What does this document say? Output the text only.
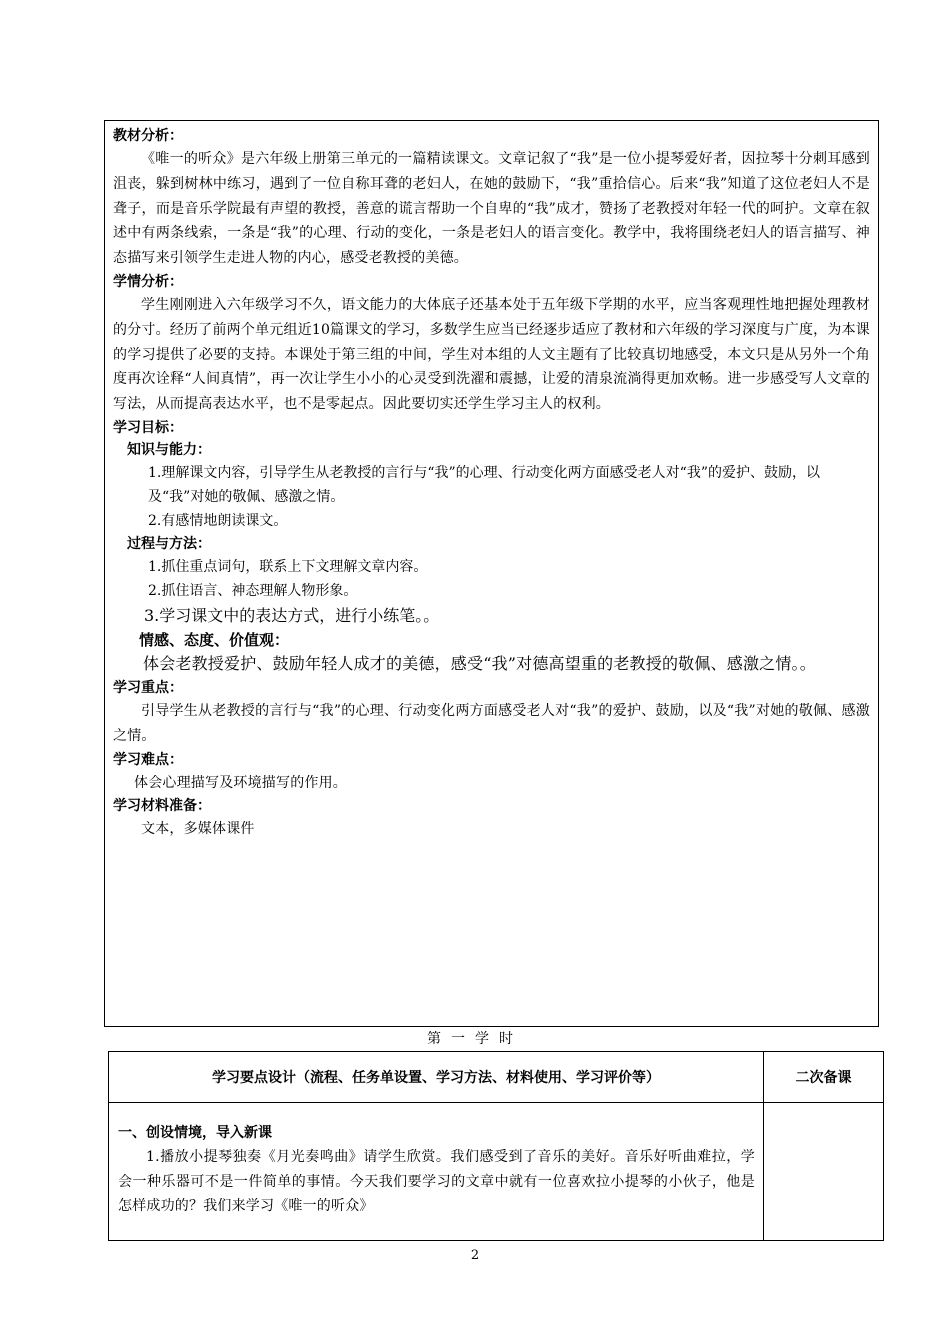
教材分析：
《唯一的听众》是六年级上册第三单元的一篇精读课文。文章记叙了“我”是一位小提琴爱好者，因拉琴十分刺耳感到沮丧，躲到树林中练习，遇到了一位自称耳聋的老妇人，在她的鼓励下，“我”重拾信心。后来“我”知道了这位老妇人不是聋子，而是音乐学院最有声望的教授，善意的谎言帮助一个自卑的“我”成才，赞扬了老教授对年轻一代的呵护。文章在叙述中有两条线索，一条是“我”的心理、行动的变化，一条是老妇人的语言变化。教学中，我将围绕老妇人的语言描写、神态描写来引领学生走进人物的内心，感受老教授的美德。
学情分析：
学生刚刚进入六年级学习不久，语文能力的大体底子还基本处于五年级下学期的水平，应当客观理性地把握处理教材的分寸。经历了前两个单元组近10篇课文的学习，多数学生应当已经逐步适应了教材和六年级的学习深度与广度，为本课的学习提供了必要的支持。本课处于第三组的中间，学生对本组的人文主题有了比较真切地感受，本文只是从另外一个角度再次诠释“人间真情”，再一次让学生小小的心灵受到洗濯和震撼，让爱的清泉流淌得更加欢畅。进一步感受写人文章的写法，从而提高表达水平，也不是零起点。因此要切实还学生学习主人的权利。
学习目标：
知识与能力：
1.理解课文内容，引导学生从老教授的言行与“我”的心理、行动变化两方面感受老人对“我”的爱护、鼓励，以及“我”对她的敬佩、感激之情。
2.有感情地朗读课文。
过程与方法：
1.抓住重点词句，联系上下文理解文章内容。
2.抓住语言、神态理解人物形象。
3.学习课文中的表达方式，进行小练笔。。
情感、态度、价值观：
体会老教授爱护、鼓励年轻人成才的美德，感受“我”对德高望重的老教授的敬佩、感激之情。。
学习重点：
引导学生从老教授的言行与“我”的心理、行动变化两方面感受老人对“我”的爱护、鼓励，以及“我”对她的敬佩、感激之情。
学习难点：
体会心理描写及环境描写的作用。
学习材料准备：
文本，多媒体课件
第一学时
学习要点设计（流程、任务单设置、学习方法、材料使用、学习评价等）	二次备课

一、创设情境，导入新课
1.播放小提琴独奏《月光奏鸣曲》请学生欣赏。我们感受到了音乐的美好。音乐好听曲难拉，学会一种乐器可不是一件简单的事情。今天我们要学习的文章中就有一位喜欢拉小提琴的小伙子，他是怎样成功的？我们来学习《唯一的听众》	

2
